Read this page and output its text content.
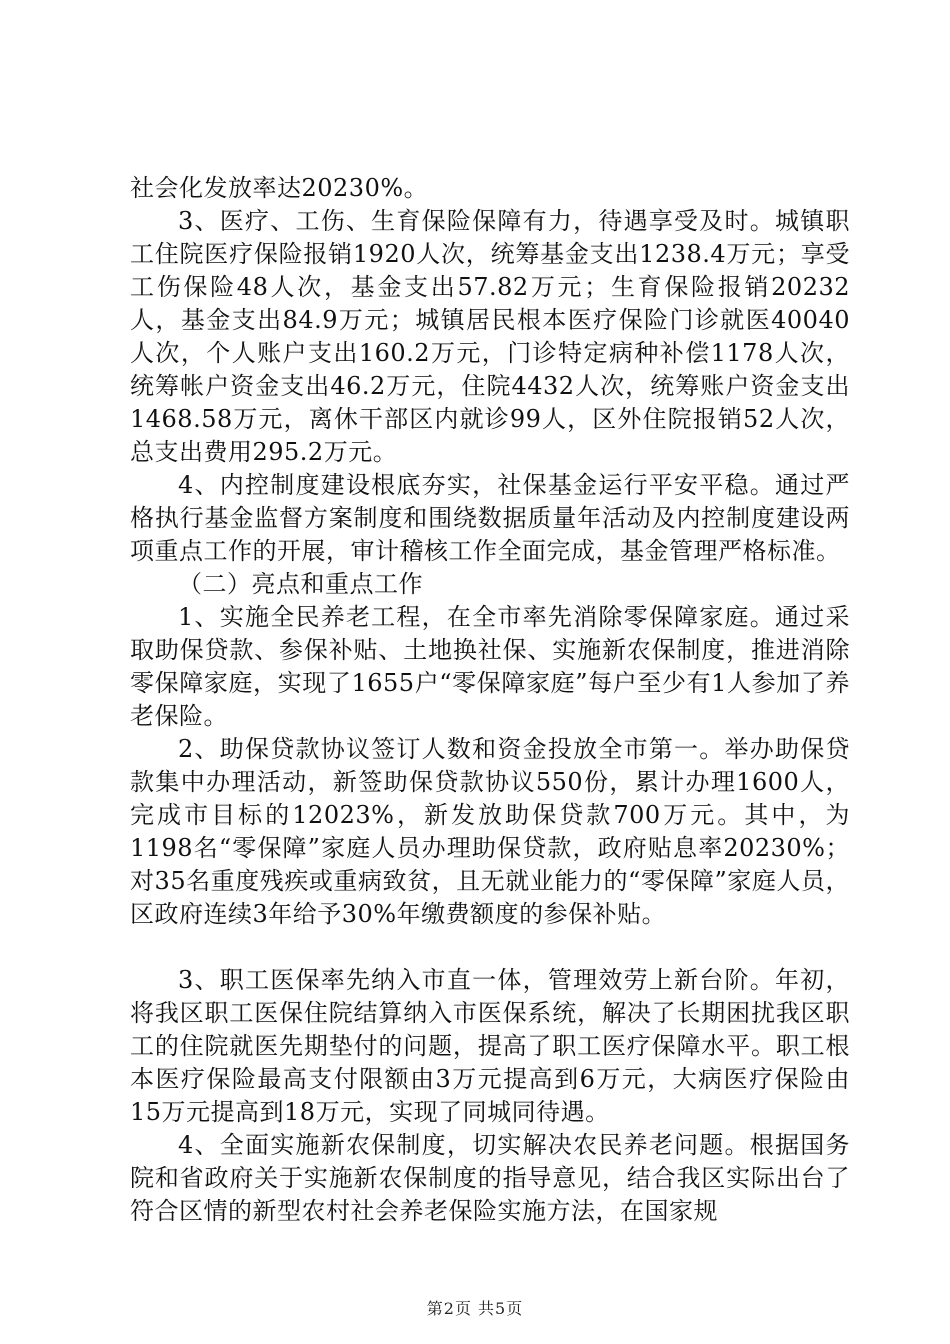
社会化发放率达20230%。

3、医疗、工伤、生育保险保障有力，待遇享受及时。城镇职工住院医疗保险报销1920人次，统筹基金支出1238.4万元；享受工伤保险48人次，基金支出57.82万元；生育保险报销20232人，基金支出84.9万元；城镇居民根本医疗保险门诊就医40040人次，个人账户支出160.2万元，门诊特定病种补偿1178人次，统筹帐户资金支出46.2万元，住院4432人次，统筹账户资金支出1468.58万元，离休干部区内就诊99人，区外住院报销52人次，总支出费用295.2万元。

4、内控制度建设根底夯实，社保基金运行平安平稳。通过严格执行基金监督方案制度和围绕数据质量年活动及内控制度建设两项重点工作的开展，审计稽核工作全面完成，基金管理严格标准。

（二）亮点和重点工作

1、实施全民养老工程，在全市率先消除零保障家庭。通过采取助保贷款、参保补贴、土地换社保、实施新农保制度，推进消除零保障家庭，实现了1655户“零保障家庭”每户至少有1人参加了养老保险。

2、助保贷款协议签订人数和资金投放全市第一。举办助保贷款集中办理活动，新签助保贷款协议550份，累计办理1600人，完成市目标的12023%，新发放助保贷款700万元。其中，为1198名“零保障”家庭人员办理助保贷款，政府贴息率20230%；对35名重度残疾或重病致贫，且无就业能力的“零保障”家庭人员，区政府连续3年给予30%年缴费额度的参保补贴。

3、职工医保率先纳入市直一体，管理效劳上新台阶。年初，将我区职工医保住院结算纳入市医保系统，解决了长期困扰我区职工的住院就医先期垫付的问题，提高了职工医疗保障水平。职工根本医疗保险最高支付限额由3万元提高到6万元，大病医疗保险由15万元提高到18万元，实现了同城同待遇。

4、全面实施新农保制度，切实解决农民养老问题。根据国务院和省政府关于实施新农保制度的指导意见，结合我区实际出台了符合区情的新型农村社会养老保险实施方法，在国家规

第2页 共5页
